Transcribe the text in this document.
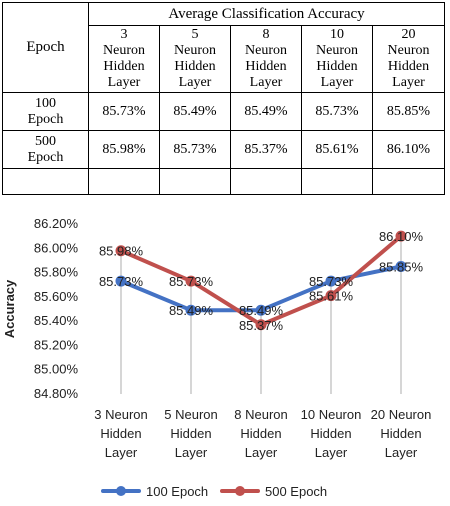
Epoch	Average Classification Accuracy				
	3
Neuron
Hidden
Layer	5
Neuron
Hidden
Layer	8
Neuron
Hidden
Layer	10
Neuron
Hidden
Layer	20
Neuron
Hidden
Layer
100
Epoch	85.73%	85.49%	85.49%	85.73%	85.85%
500
Epoch	85.98%	85.73%	85.37%	85.61%	86.10%

84.80%
85.00%
85.20%
85.40%
85.60%
85.80%
86.00%
86.20%
Accuracy	85.73%
85.49% 85.49%
85.73%
85.85%
85.98%
85.73%
85.37%
85.61%
86.10%
3 Neuron
Hidden
Layer
5 Neuron
Hidden
Layer
8 Neuron
Hidden
Layer
10 Neuron
Hidden
Layer
20 Neuron
Hidden
Layer
100 Epoch	500 Epoch
